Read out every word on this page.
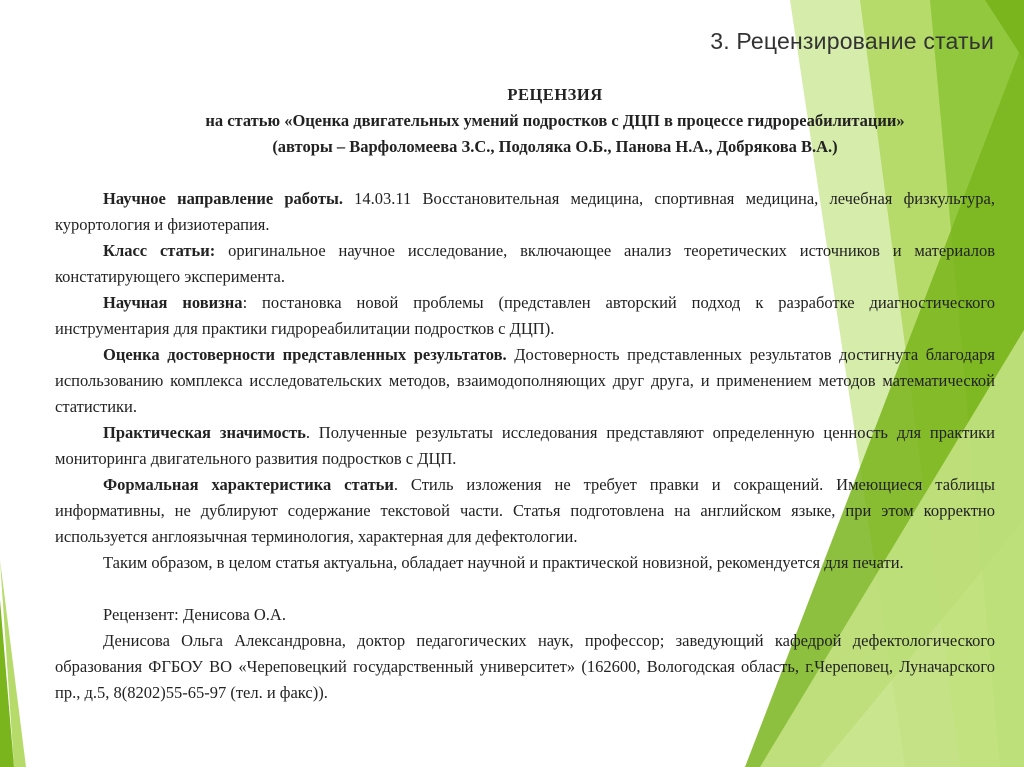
3. Рецензирование статьи
РЕЦЕНЗИЯ
на статью «Оценка двигательных умений подростков с ДЦП в процессе гидрореабилитации»
(авторы – Варфоломеева З.С., Подоляка О.Б., Панова Н.А., Добрякова В.А.)

Научное направление работы. 14.03.11 Восстановительная медицина, спортивная медицина, лечебная физкультура, курортология и физиотерапия.

Класс статьи: оригинальное научное исследование, включающее анализ теоретических источников и материалов констатирующего эксперимента.

Научная новизна: постановка новой проблемы (представлен авторский подход к разработке диагностического инструментария для практики гидрореабилитации подростков с ДЦП).

Оценка достоверности представленных результатов. Достоверность представленных результатов достигнута благодаря использованию комплекса исследовательских методов, взаимодополняющих друг друга, и применением методов математической статистики.

Практическая значимость. Полученные результаты исследования представляют определенную ценность для практики мониторинга двигательного развития подростков с ДЦП.

Формальная характеристика статьи. Стиль изложения не требует правки и сокращений. Имеющиеся таблицы информативны, не дублируют содержание текстовой части. Статья подготовлена на английском языке, при этом корректно используется англоязычная терминология, характерная для дефектологии.

Таким образом, в целом статья актуальна, обладает научной и практической новизной, рекомендуется для печати.

Рецензент: Денисова О.А.

Денисова Ольга Александровна, доктор педагогических наук, профессор; заведующий кафедрой дефектологического образования ФГБОУ ВО «Череповецкий государственный университет» (162600, Вологодская область, г.Череповец, Луначарского пр., д.5, 8(8202)55-65-97 (тел. и факс)).
